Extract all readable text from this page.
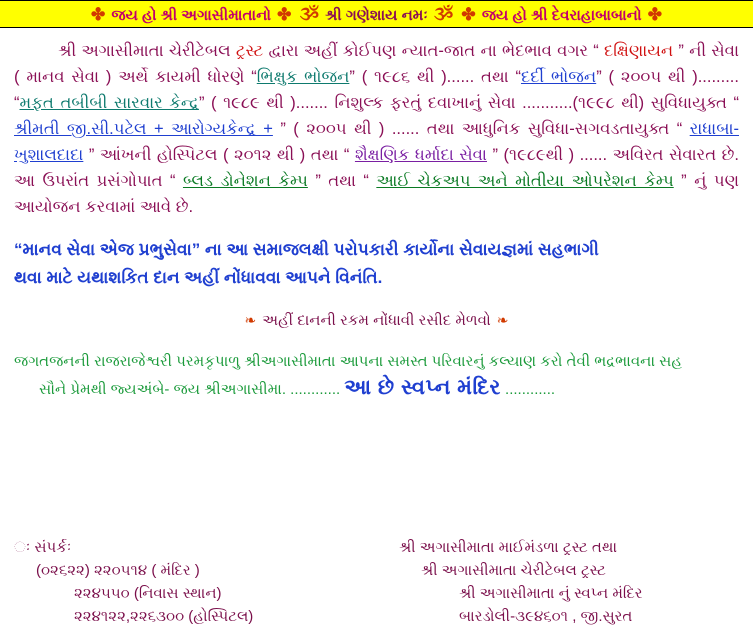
✤ જય હો શ્રી અગાસીમાતાનો ✤ ૐ શ્રી ગણેશાય નમઃ ૐ ✤ જય હો શ્રી દેવરાહાબાબાનો ✤

શ્રી અગાસીમાતા ચેરીટેબલ ટ્રસ્ટ દ્વારા અહીં કોઈપણ ન્યાત-જાત ના ભેદભાવ વગર “ દક્ષિણાયન ” ની સેવા ( માનવ સેવા ) અર્થે કાયમી ધોરણે “ભિક્ષુક ભોજન” ( ૧૯૮૬ થી )...... તથા “દર્દી ભોજન” ( ૨૦૦૫ થી )......... “મફત તબીબી સારવાર કેન્દ્ર” ( ૧૯૮૯ થી )....... નિશુલ્ક ફરતું દવાખાનું સેવા ...........(૧૯૯૮ થી) સુવિધાયુક્ત “ શ્રીમતી જી.સી.પટેલ + આરોગ્યકેન્દ્ર + ” ( ૨૦૦૫ થી ) ...... તથા આધુનિક સુવિધા-સગવડતાયુક્ત “ રાધાબા-ખુશાલદાદા ” આંખની હોસ્પિટલ ( ૨૦૧૨ થી ) તથા “ શૈક્ષણિક ધર્માદા સેવા ” (૧૯૮૯થી ) ...... અવિરત સેવારત છે. આ ઉપરાંત પ્રસંગોપાત “ બ્લડ ડોનેશન કેમ્પ ” તથા “ આઈ ચેકઅપ અને મોતીયા ઓપરેશન કેમ્પ ” નું પણ આયોજન કરવામાં આવે છે.

“માનવ સેવા એજ પ્રભુસેવા” ના આ સમાજલક્ષી પરોપકારી કાર્યોના સેવાયજ્ઞમાં સહભાગી
થવા માટે યથાશકિત દાન અહીં નોંધાવવા આપને વિનંતિ.

❧ અહીં દાનની રકમ નોંધાવી રસીદ મેળવો ❧

જગતજનની રાજરાજેશ્વરી પરમકૃપાળુ શ્રીઅગાસીમાતા આપના સમસ્ત પરિવારનું કલ્યાણ કરો તેવી ભદ્રભાવના સહ
સૌને પ્રેમથી જ્યઅંબે- જય શ્રીઅગાસીમા. ............ આ છે સ્વપ્ન મંદિર ............

ઃ સંપર્કઃ	શ્રી અગાસીમાતા માઈમંડળા ટ્રસ્ટ તથા
(૦૨૬૨૨) ૨૨૦૫૧૪ ( મંદિર )	શ્રી અગાસીમાતા ચેરીટેબલ ટ્રસ્ટ
૨૨૪૫૫૦ (નિવાસ સ્થાન)	શ્રી અગાસીમાતા નું સ્વપ્ન મંદિર
૨૨૪૧૨૨,૨૨૬૩૦૦ (હોસ્પિટલ)	બારડોલી-૩૯૪૬૦૧ , જી.સુરત
